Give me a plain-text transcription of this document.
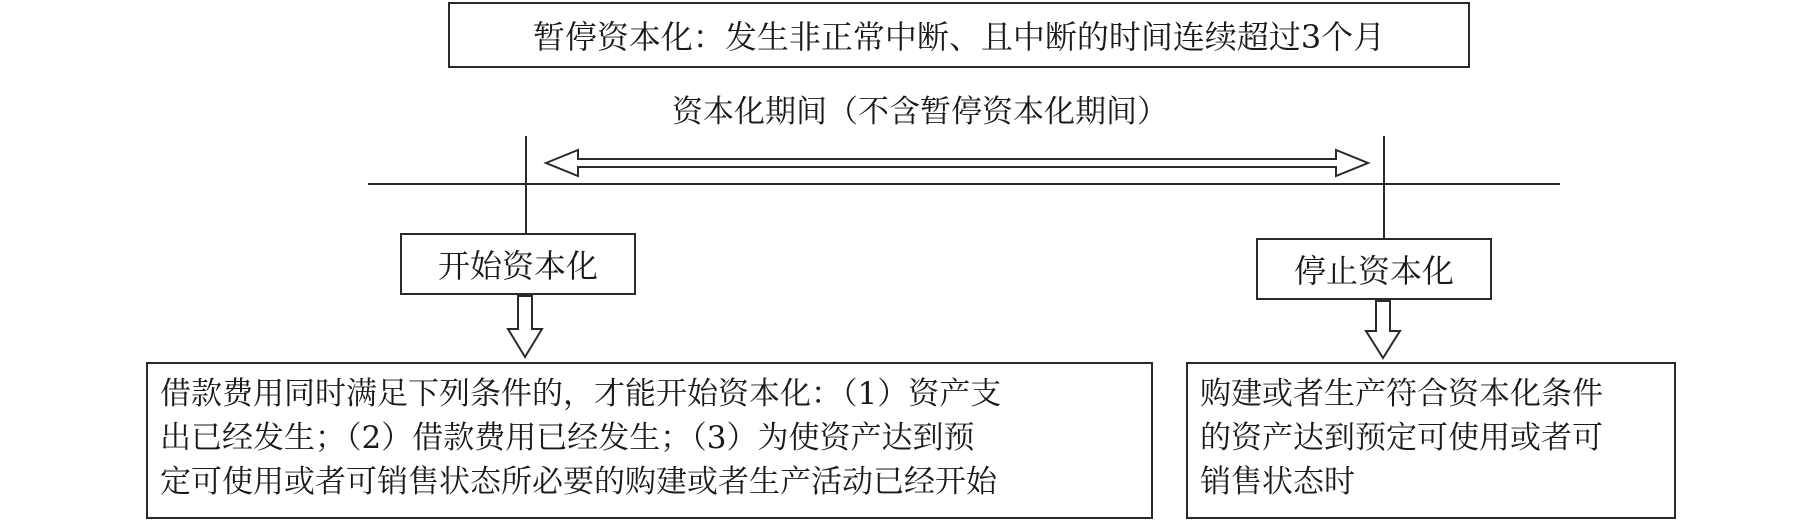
暂停资本化：发生非正常中断、且中断的时间连续超过3个月
资本化期间（不含暂停资本化期间）
开始资本化	停止资本化
借款费用同时满足下列条件的，才能开始资本化：（1）资产支
出已经发生；（2）借款费用已经发生；（3）为使资产达到预
定可使用或者可销售状态所必要的购建或者生产活动已经开始
购建或者生产符合资本化条件
的资产达到预定可使用或者可
销售状态时
